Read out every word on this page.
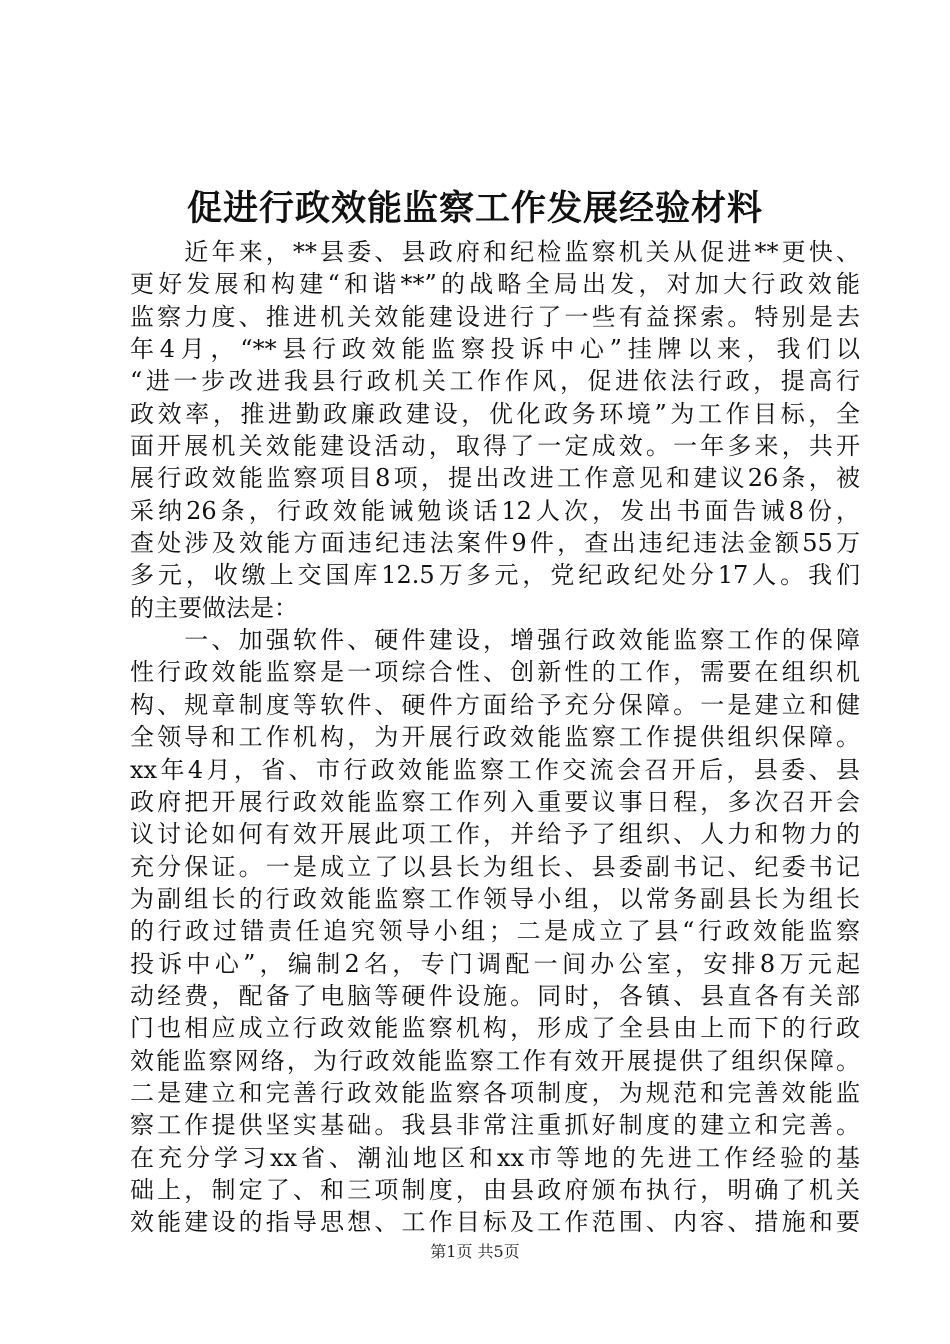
促进行政效能监察工作发展经验材料
　　近年来，**县委、县政府和纪检监察机关从促进**更快、
更好发展和构建“和谐**”的战略全局出发，对加大行政效能
监察力度、推进机关效能建设进行了一些有益探索。特别是去
年4月，“**县行政效能监察投诉中心”挂牌以来，我们以
“进一步改进我县行政机关工作作风，促进依法行政，提高行
政效率，推进勤政廉政建设，优化政务环境”为工作目标，全
面开展机关效能建设活动，取得了一定成效。一年多来，共开
展行政效能监察项目8项，提出改进工作意见和建议26条，被
采纳26条，行政效能诫勉谈话12人次，发出书面告诫8份，
查处涉及效能方面违纪违法案件9件，查出违纪违法金额55万
多元，收缴上交国库12.5万多元，党纪政纪处分17人。我们
的主要做法是：
　　一、加强软件、硬件建设，增强行政效能监察工作的保障
性行政效能监察是一项综合性、创新性的工作，需要在组织机
构、规章制度等软件、硬件方面给予充分保障。一是建立和健
全领导和工作机构，为开展行政效能监察工作提供组织保障。
xx年4月，省、市行政效能监察工作交流会召开后，县委、县
政府把开展行政效能监察工作列入重要议事日程，多次召开会
议讨论如何有效开展此项工作，并给予了组织、人力和物力的
充分保证。一是成立了以县长为组长、县委副书记、纪委书记
为副组长的行政效能监察工作领导小组，以常务副县长为组长
的行政过错责任追究领导小组；二是成立了县“行政效能监察
投诉中心”，编制2名，专门调配一间办公室，安排8万元起
动经费，配备了电脑等硬件设施。同时，各镇、县直各有关部
门也相应成立行政效能监察机构，形成了全县由上而下的行政
效能监察网络，为行政效能监察工作有效开展提供了组织保障。
二是建立和完善行政效能监察各项制度，为规范和完善效能监
察工作提供坚实基础。我县非常注重抓好制度的建立和完善。
在充分学习xx省、潮汕地区和xx市等地的先进工作经验的基
础上，制定了、和三项制度，由县政府颁布执行，明确了机关
效能建设的指导思想、工作目标及工作范围、内容、措施和要
第1页 共5页
